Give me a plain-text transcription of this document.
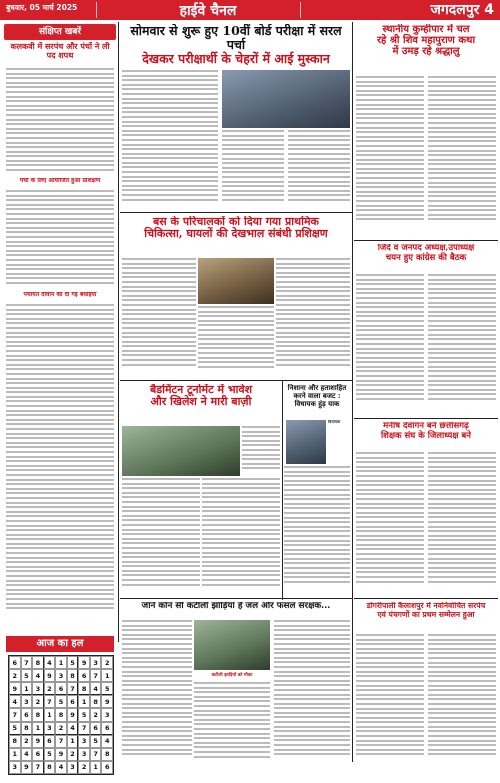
बुधवार, 05 मार्च 2025	हाईवे चैनल	जगदलपुर 4
संक्षिप्त खबरें
कलकवी में सरपंच और पंचों ने ली पद शपथ
पंचों के लिए आयोजित हुआ प्रशिक्षण
पंचायत दीवान को दी गई बधाईयां
आज का हल
6	7	8	4	1	5	9	3	2
2	5	4	9	3	8	6	7	1
9	1	3	2	6	7	8	4	5
4	3	2	7	5	6	1	8	9
7	6	8	1	8	9	5	2	3
5	8	1	3	2	4	7	6	6
8	2	9	6	7	1	3	5	4
1	4	6	5	9	2	3	7	8
3	9	7	8	4	3	2	1	6
सोमवार से शुरू हुए 10वीं बोर्ड परीक्षा में सरल पर्चा
देखकर परीक्षार्थी के चेहरों में आई मुस्कान
बस के परिचालकों को दिया गया प्राथमिक
चिकित्सा, घायलों की देखभाल संबंधी प्रशिक्षण
बैडमिंटन टूर्नामेंट में भावेश
और खिलेश ने मारी बाज़ी
निशाना और हताशाहित करने वाला बजट : विधायक हुंड़ याक
विधायक
जानें कौन सी कटीली झाड़ियां हैं जल और फसल संरक्षक...
कटीली झाड़ियों को मौका
स्थानीय कुम्हीपार में चल
रहे श्री शिव महापुराण कथा
में उमड़ रहे श्रद्धालु
जिंदे व जनपद अध्यक्ष,उपाध्यक्ष
चयन हुए कांग्रेस की बैठक
मनीष देवांगन बने छत्तीसगढ़
शिक्षक संघ के जिलाध्यक्ष बने
डोंगरीपाली कैलाशपुर में नवनिर्वाचित सरपंच
एवं पंचगणों का प्रथम सम्मेलन हुआ
